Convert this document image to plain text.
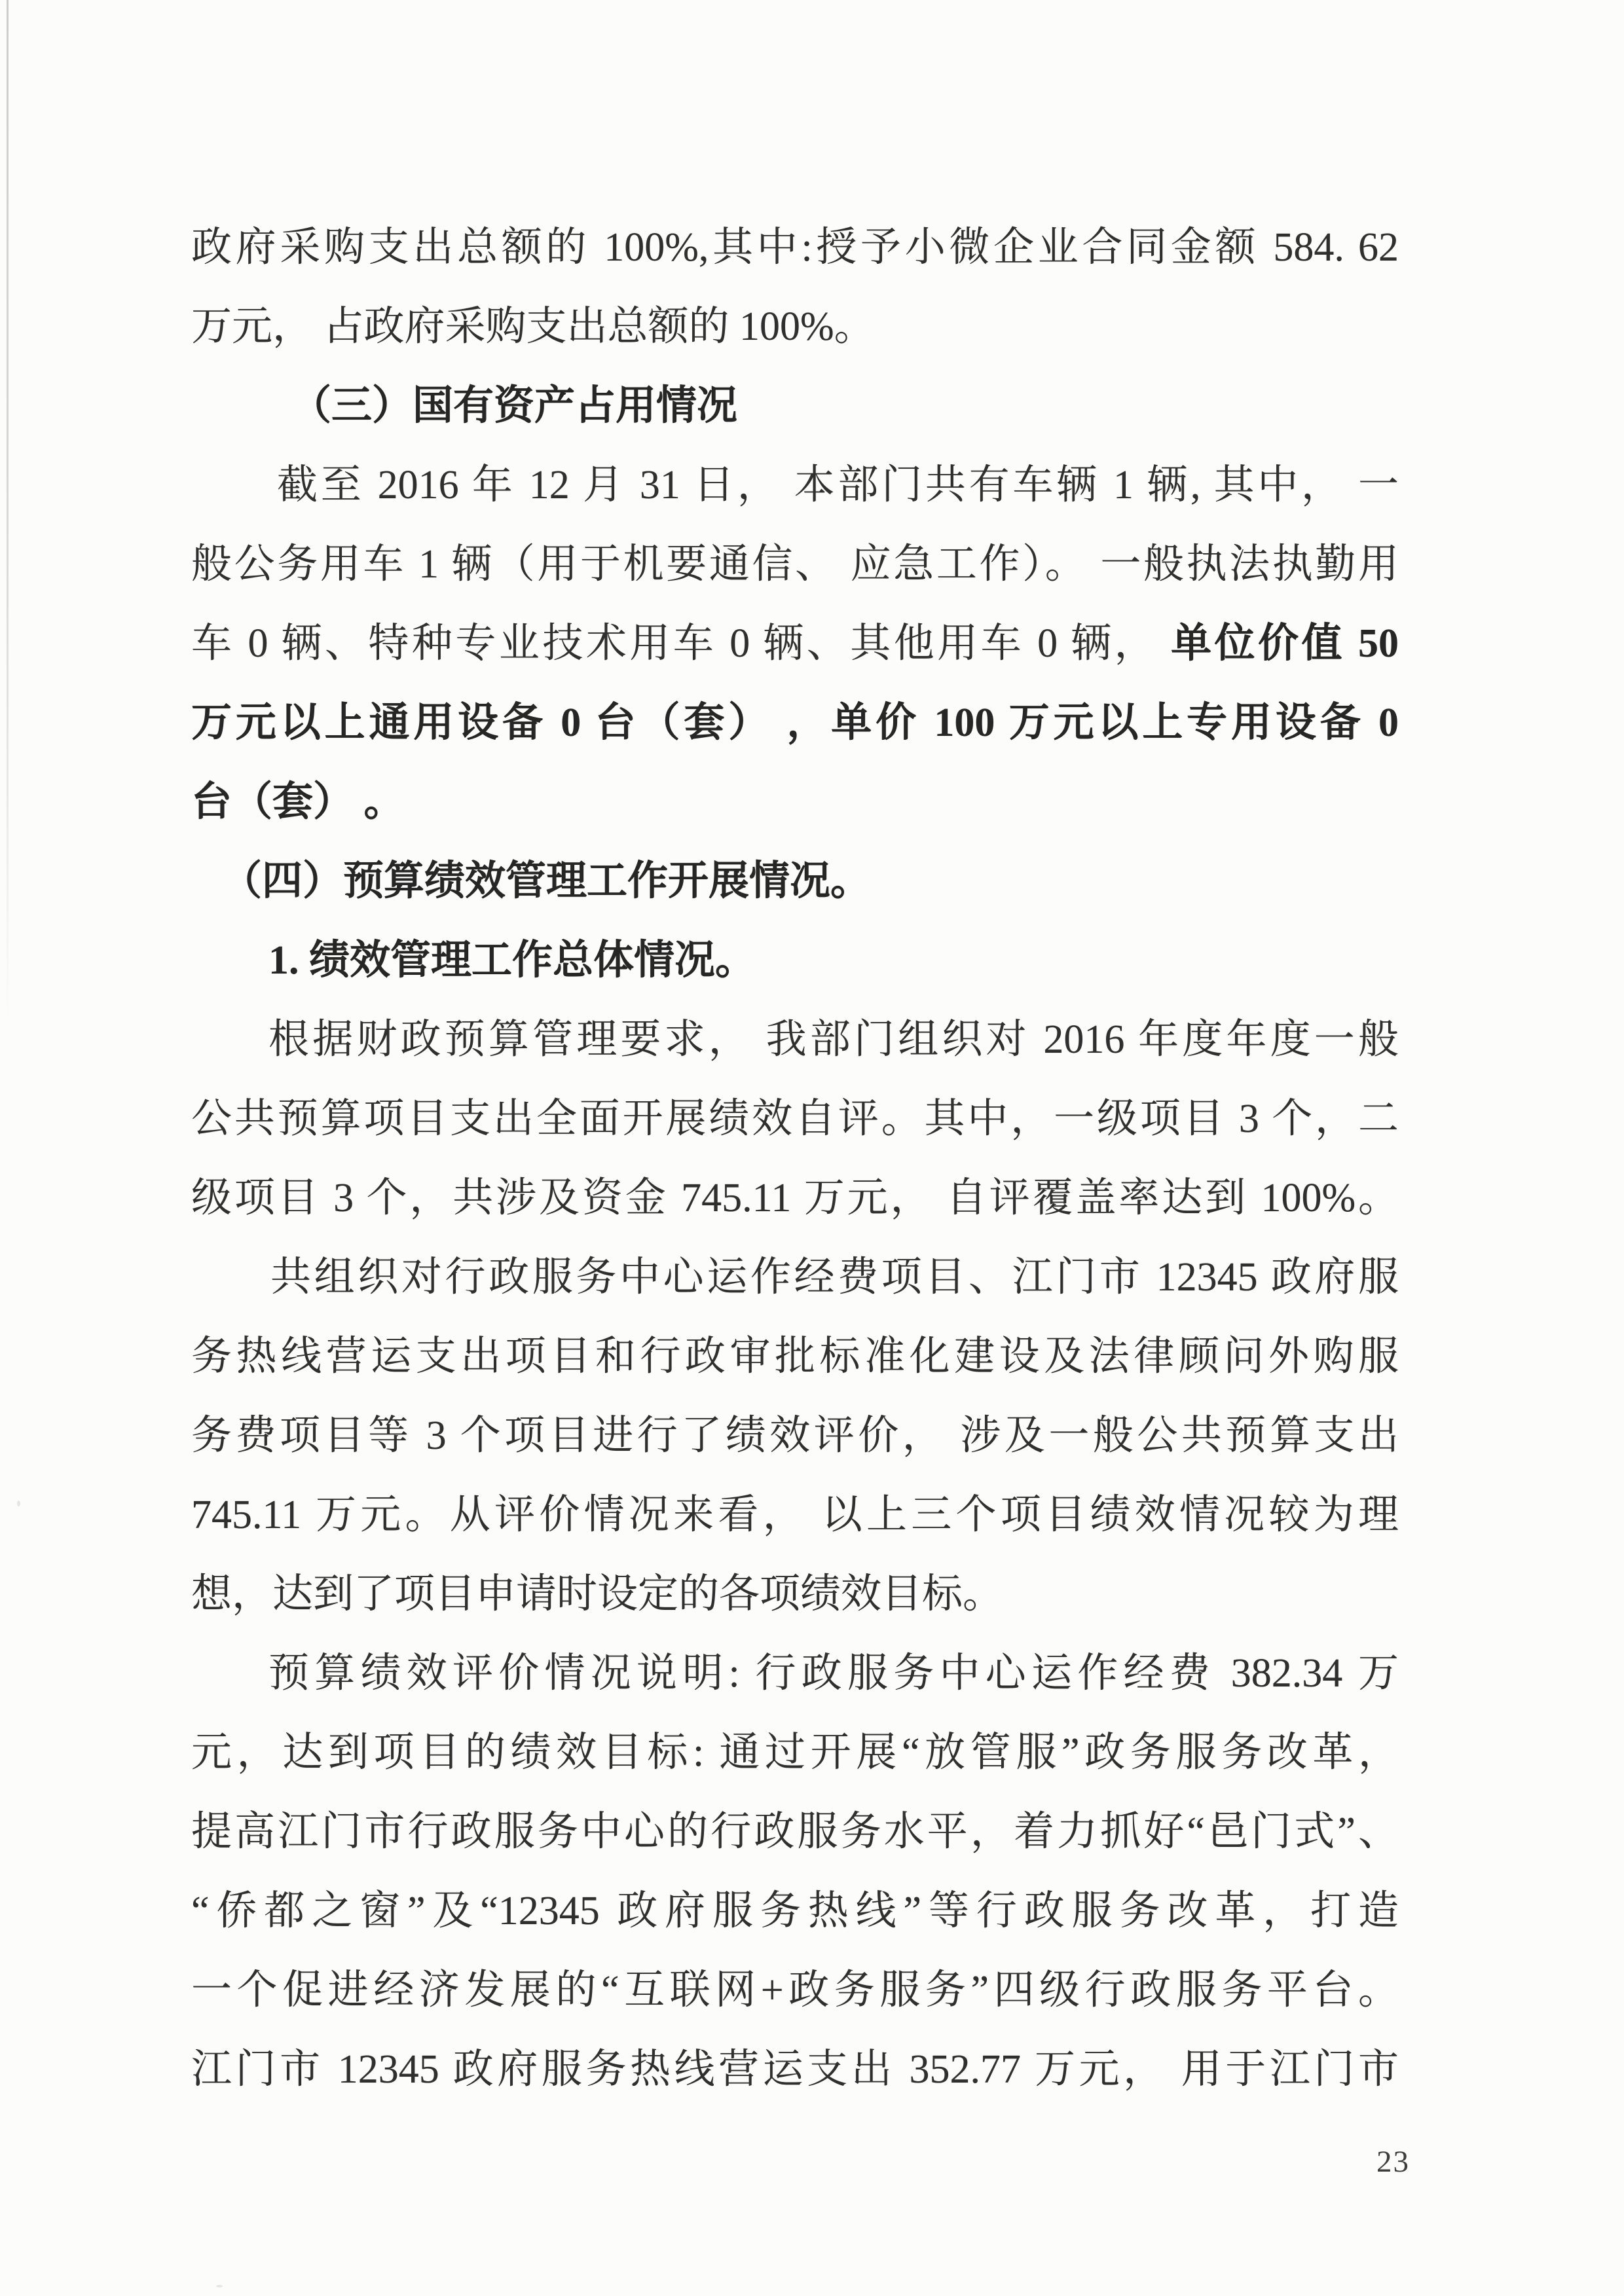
政府采购支出总额的 100%,其中:授予小微企业合同金额 584. 62
万元， 占政府采购支出总额的 100%。
（三）国有资产占用情况
截至 2016 年 12 月 31 日， 本部门共有车辆 1 辆, 其中， 一
般公务用车 1 辆（用于机要通信、 应急工作）。 一般执法执勤用
车 0 辆、特种专业技术用车 0 辆、其他用车 0 辆， 单位价值 50
万元以上通用设备 0 台（套） ，单价 100 万元以上专用设备 0
台（套） 。
（四）预算绩效管理工作开展情况。
1. 绩效管理工作总体情况。
根据财政预算管理要求， 我部门组织对 2016 年度年度一般
公共预算项目支出全面开展绩效自评。其中，一级项目 3 个，二
级项目 3 个，共涉及资金 745.11 万元， 自评覆盖率达到 100%。
共组织对行政服务中心运作经费项目、江门市 12345 政府服
务热线营运支出项目和行政审批标准化建设及法律顾问外购服
务费项目等 3 个项目进行了绩效评价， 涉及一般公共预算支出
745.11 万元。从评价情况来看， 以上三个项目绩效情况较为理
想，达到了项目申请时设定的各项绩效目标。
预算绩效评价情况说明: 行政服务中心运作经费 382.34 万
元，达到项目的绩效目标: 通过开展“放管服”政务服务改革，
提高江门市行政服务中心的行政服务水平，着力抓好“邑门式”、
“侨都之窗”及“12345 政府服务热线”等行政服务改革，打造
一个促进经济发展的“互联网+政务服务”四级行政服务平台。
江门市 12345 政府服务热线营运支出 352.77 万元， 用于江门市
23
